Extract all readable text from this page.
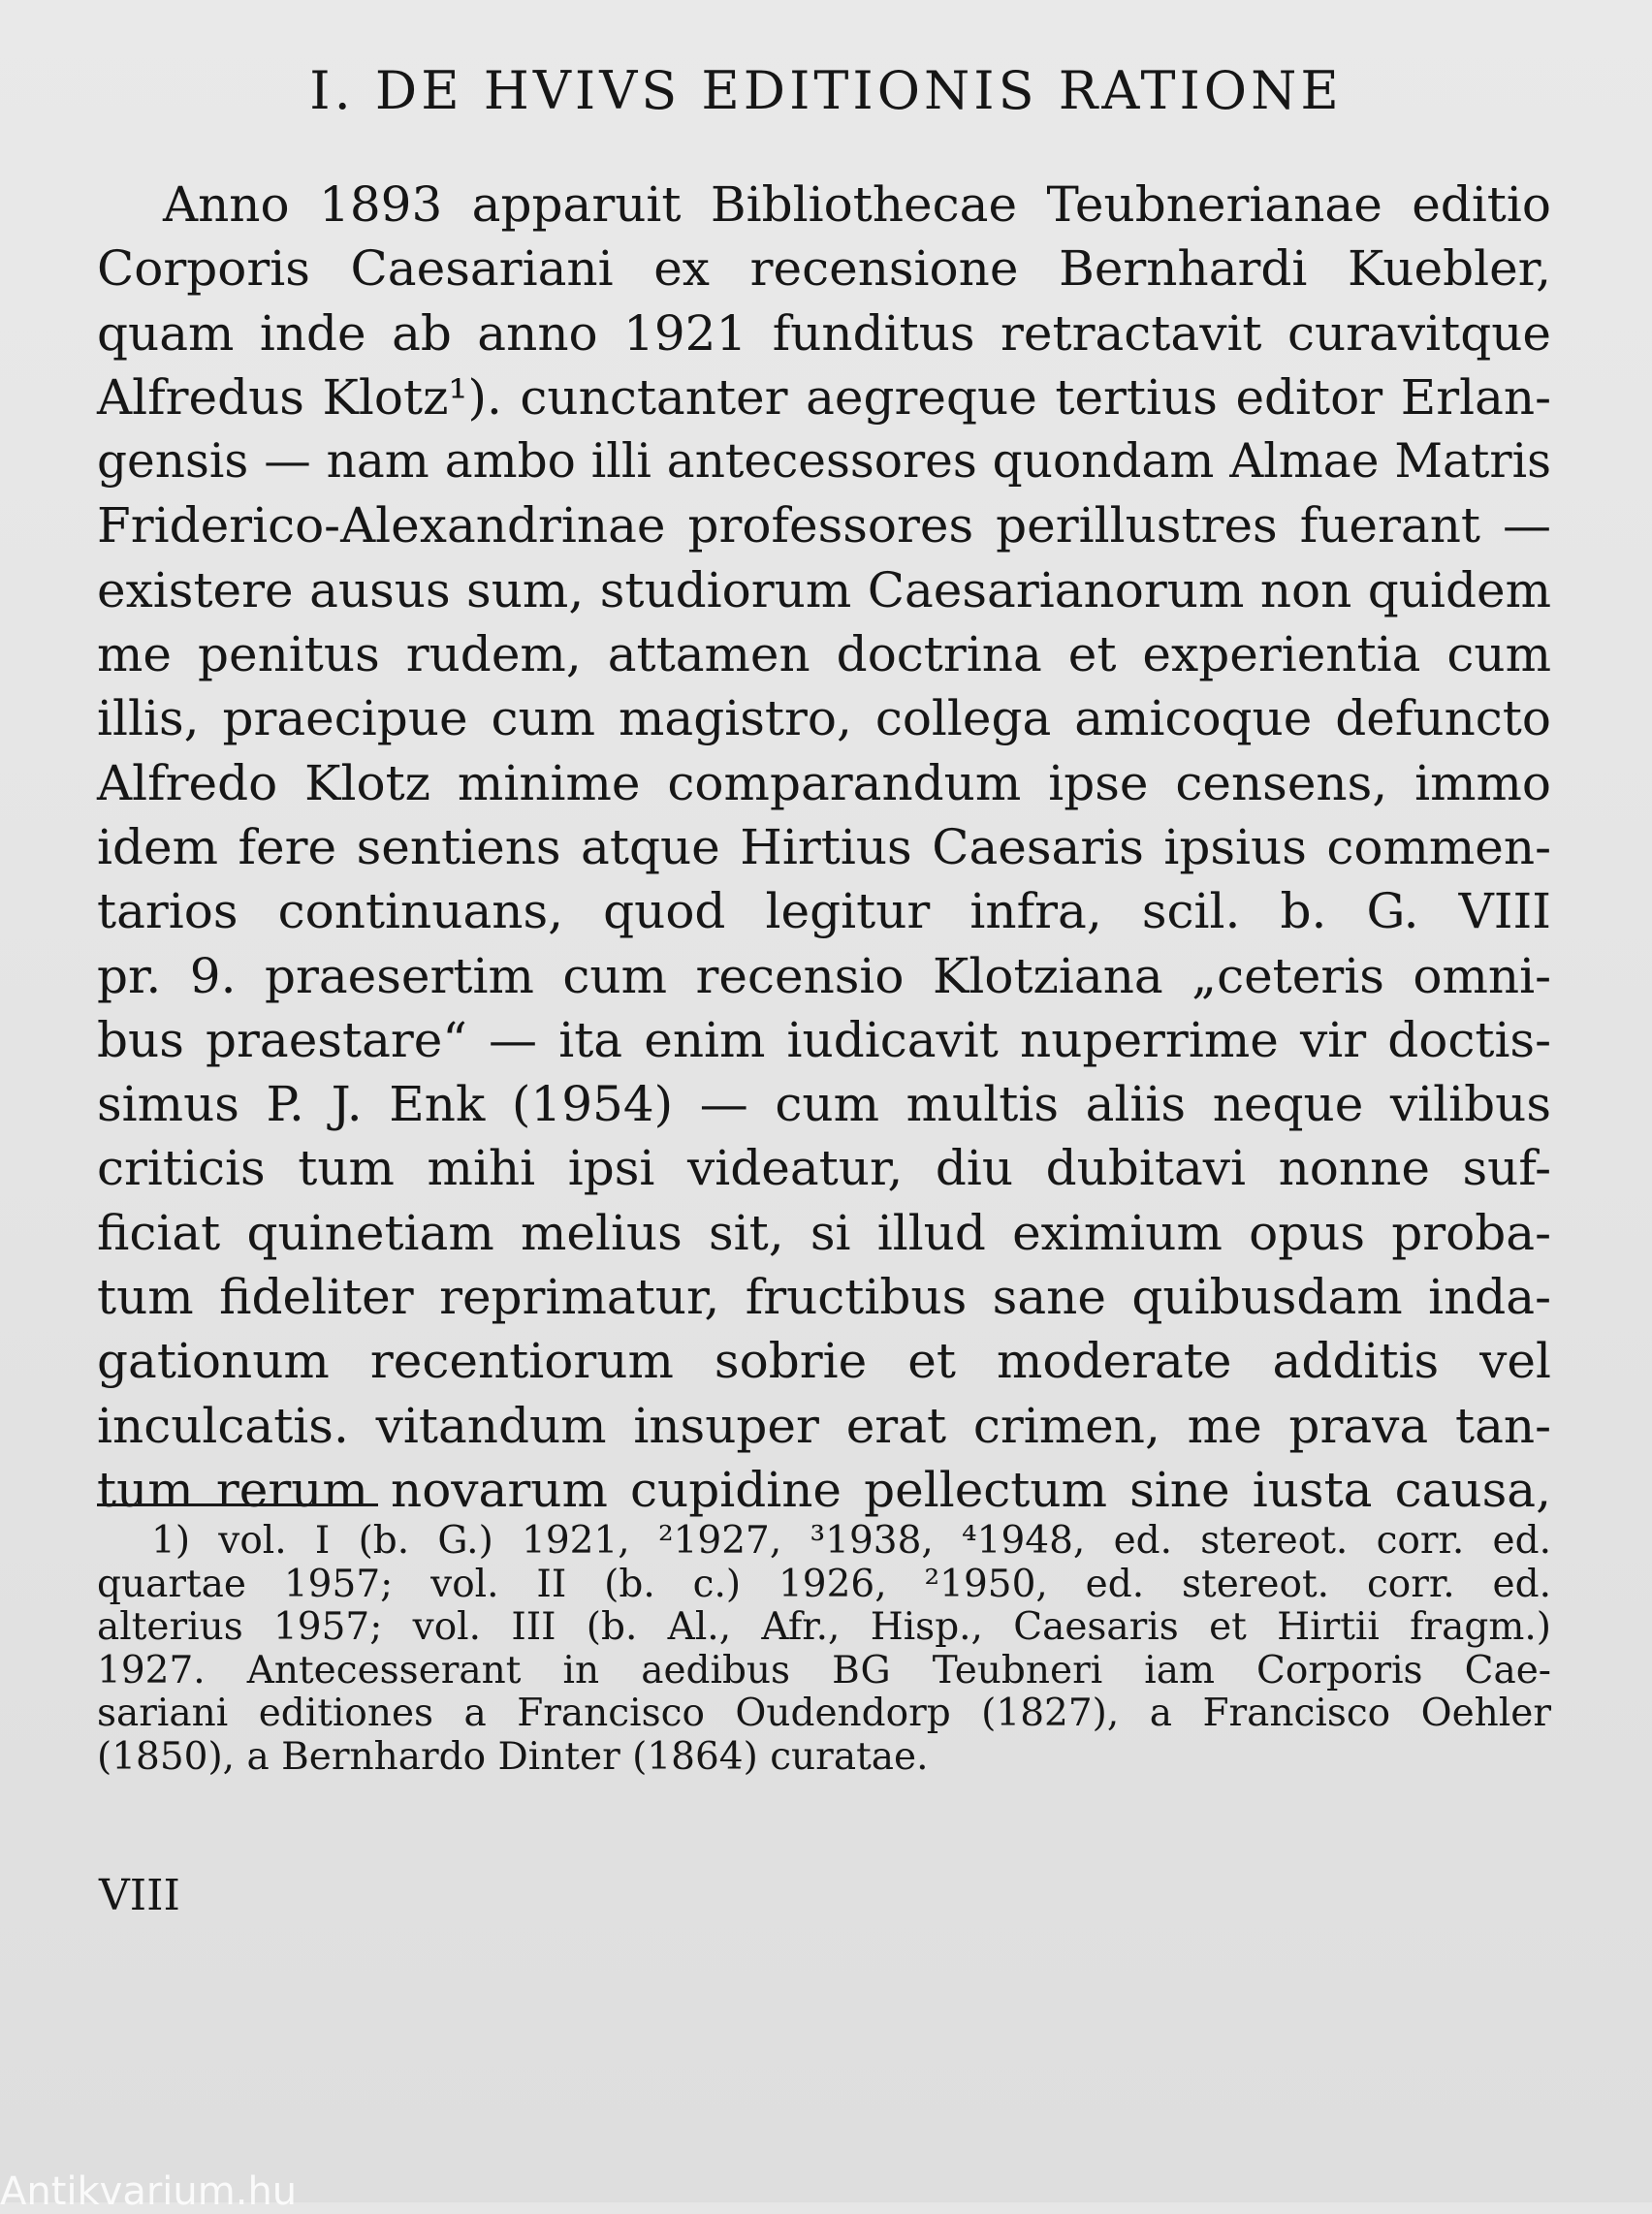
I. DE HVIVS EDITIONIS RATIONE
Anno 1893 apparuit Bibliothecae Teubnerianae editio
Corporis Caesariani ex recensione Bernhardi Kuebler,
quam inde ab anno 1921 funditus retractavit curavitque
Alfredus Klotz¹). cunctanter aegreque tertius editor Erlan-
gensis — nam ambo illi antecessores quondam Almae Matris
Friderico-Alexandrinae professores perillustres fuerant —
existere ausus sum, studiorum Caesarianorum non quidem
me penitus rudem, attamen doctrina et experientia cum
illis, praecipue cum magistro, collega amicoque defuncto
Alfredo Klotz minime comparandum ipse censens, immo
idem fere sentiens atque Hirtius Caesaris ipsius commen-
tarios continuans, quod legitur infra, scil. b. G. VIII
pr. 9. praesertim cum recensio Klotziana „ceteris omni-
bus praestare“ — ita enim iudicavit nuperrime vir doctis-
simus P. J. Enk (1954) — cum multis aliis neque vilibus
criticis tum mihi ipsi videatur, diu dubitavi nonne suf-
ficiat quinetiam melius sit, si illud eximium opus proba-
tum fideliter reprimatur, fructibus sane quibusdam inda-
gationum recentiorum sobrie et moderate additis vel
inculcatis. vitandum insuper erat crimen, me prava tan-
tum rerum novarum cupidine pellectum sine iusta causa,
1) vol. I (b. G.) 1921, ²1927, ³1938, ⁴1948, ed. stereot. corr. ed.
quartae 1957; vol. II (b. c.) 1926, ²1950, ed. stereot. corr. ed.
alterius 1957; vol. III (b. Al., Afr., Hisp., Caesaris et Hirtii fragm.)
1927. Antecesserant in aedibus BG Teubneri iam Corporis Cae-
sariani editiones a Francisco Oudendorp (1827), a Francisco Oehler
(1850), a Bernhardo Dinter (1864) curatae.
VIII
Antikvarium.hu
